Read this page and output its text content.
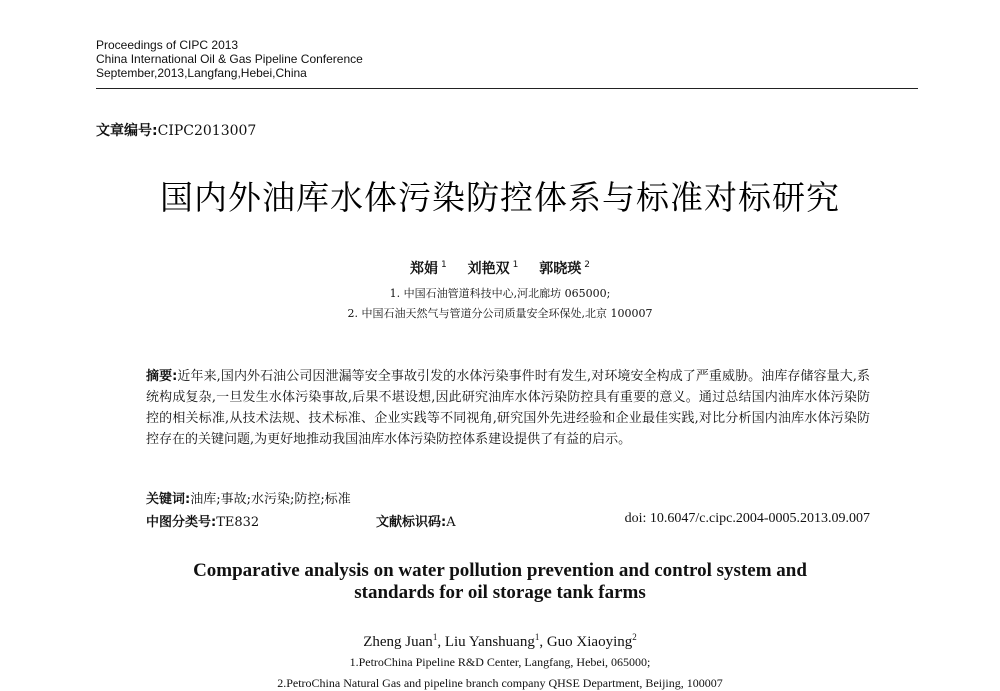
Proceedings of CIPC 2013
China International Oil & Gas Pipeline Conference
September,2013,Langfang,Hebei,China
文章编号:CIPC2013007
国内外油库水体污染防控体系与标准对标研究
郑娟 $^1$ 刘艳双 $^1$ 郭晓瑛 $^2$
1. 中国石油管道科技中心,河北廊坊 065000;
2. 中国石油天然气与管道分公司质量安全环保处,北京 100007
摘要:近年来,国内外石油公司因泄漏等安全事故引发的水体污染事件时有发生,对环境安全构成了严重威胁。油库存储容量大,系统构成复杂,一旦发生水体污染事故,后果不堪设想,因此研究油库水体污染防控具有重要的意义。通过总结国内油库水体污染防控的相关标准,从技术法规、技术标准、企业实践等不同视角,研究国外先进经验和企业最佳实践,对比分析国内油库水体污染防控存在的关键问题,为更好地推动我国油库水体污染防控体系建设提供了有益的启示。
关键词:油库;事故;水污染;防控;标准
中图分类号:TE832	文献标识码:A	doi: 10.6047/c.cipc.2004-0005.2013.09.007
Comparative analysis on water pollution prevention and control system and
standards for oil storage tank farms
Zheng Juan$^1$, Liu Yanshuang$^1$, Guo Xiaoying$^2$
1.PetroChina Pipeline R&D Center, Langfang, Hebei, 065000;
2.PetroChina Natural Gas and pipeline branch company QHSE Department, Beijing, 100007
